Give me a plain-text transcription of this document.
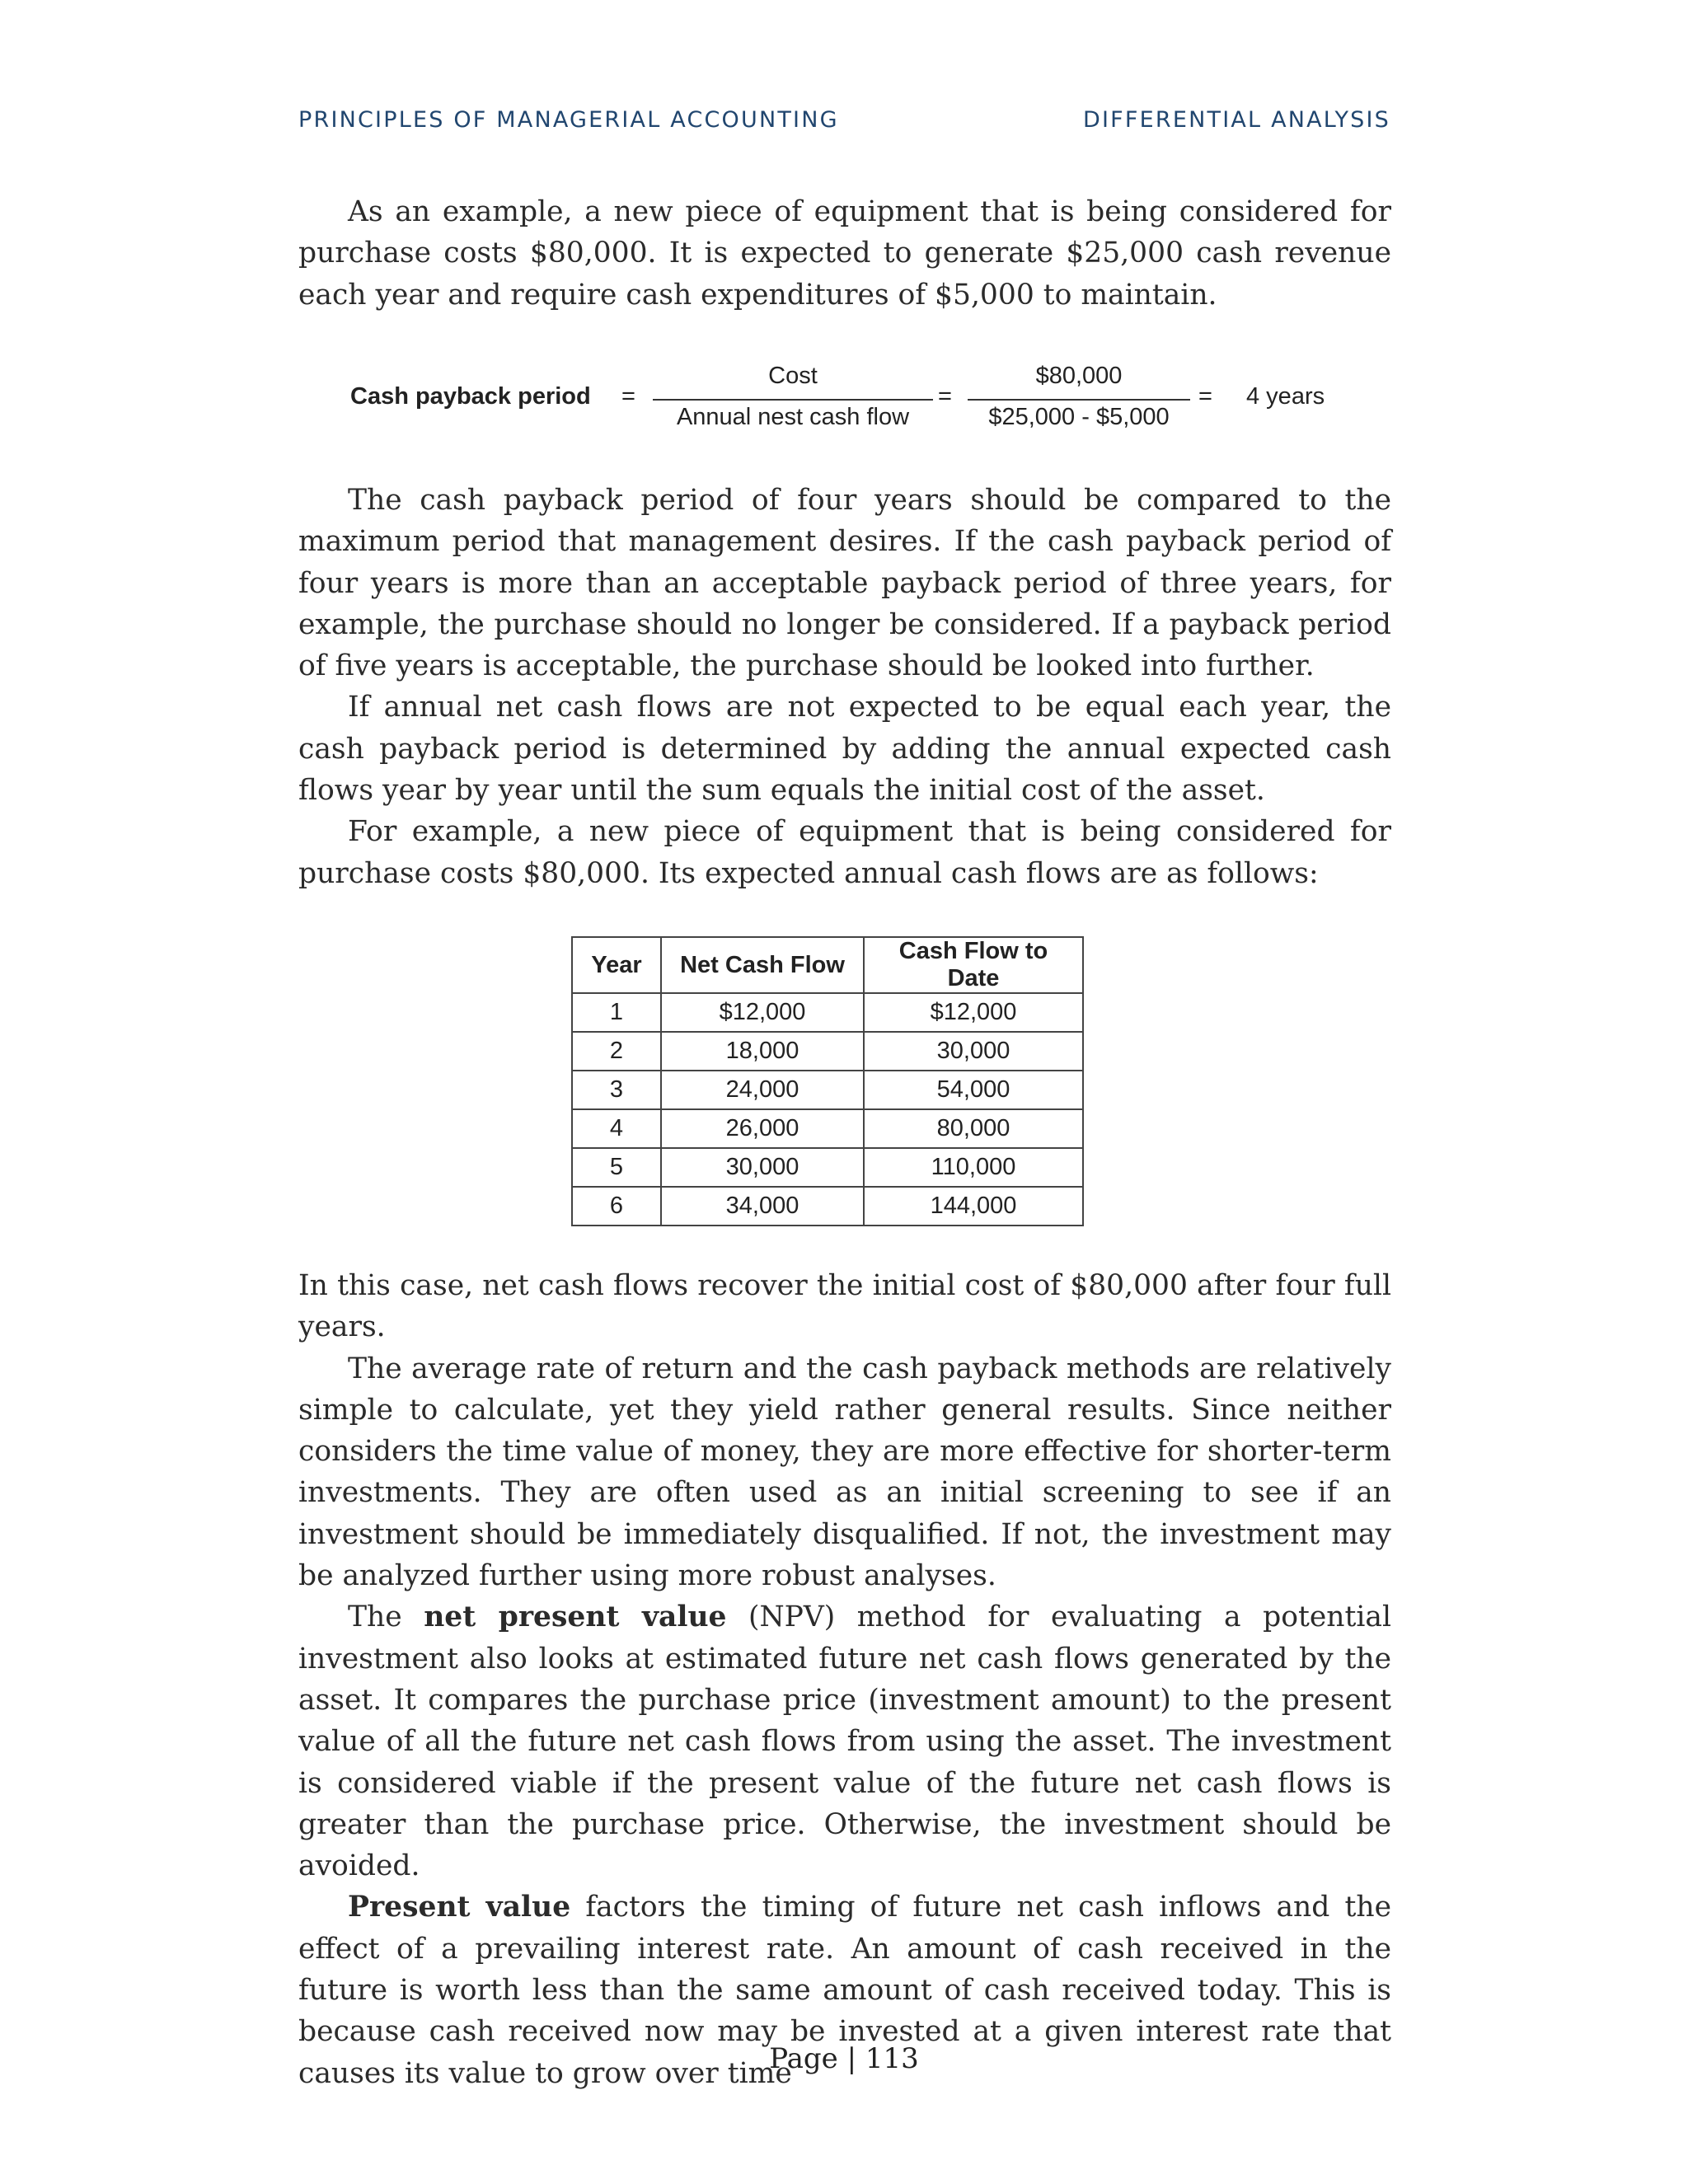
PRINCIPLES OF MANAGERIAL ACCOUNTING	DIFFERENTIAL ANALYSIS

As an example, a new piece of equipment that is being considered for purchase costs $80,000. It is expected to generate $25,000 cash revenue each year and require cash expenditures of $5,000 to maintain.

Cash payback period =
Cost
Annual nest cash flow
=
$80,000
$25,000 - $5,000
= 4 years

The cash payback period of four years should be compared to the maximum period that management desires. If the cash payback period of four years is more than an acceptable payback period of three years, for example, the purchase should no longer be considered. If a payback period of five years is acceptable, the purchase should be looked into further.

If annual net cash flows are not expected to be equal each year, the cash payback period is determined by adding the annual expected cash flows year by year until the sum equals the initial cost of the asset.

For example, a new piece of equipment that is being considered for purchase costs $80,000. Its expected annual cash flows are as follows:

Year	Net Cash Flow	Cash Flow to Date
1	$12,000	$12,000
2	18,000	30,000
3	24,000	54,000
4	26,000	80,000
5	30,000	110,000
6	34,000	144,000

In this case, net cash flows recover the initial cost of $80,000 after four full years.

The average rate of return and the cash payback methods are relatively simple to calculate, yet they yield rather general results. Since neither considers the time value of money, they are more effective for shorter-term investments. They are often used as an initial screening to see if an investment should be immediately disqualified. If not, the investment may be analyzed further using more robust analyses.

The net present value (NPV) method for evaluating a potential investment also looks at estimated future net cash flows generated by the asset. It compares the purchase price (investment amount) to the present value of all the future net cash flows from using the asset. The investment is considered viable if the present value of the future net cash flows is greater than the purchase price. Otherwise, the investment should be avoided.

Present value factors the timing of future net cash inflows and the effect of a prevailing interest rate. An amount of cash received in the future is worth less than the same amount of cash received today. This is because cash received now may be invested at a given interest rate that causes its value to grow over time

Page | 113
